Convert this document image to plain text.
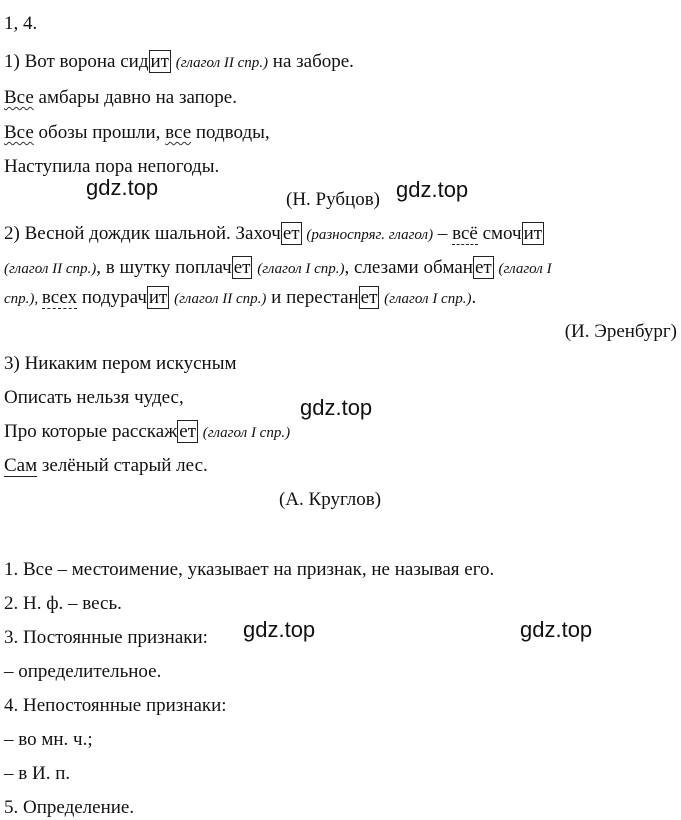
1, 4.
1) Вот ворона сид ит (глагол II спр.) на заборе.
Все амбары давно на запоре.
Все обозы прошли, все подводы,
Наступила пора непогоды.
(Н. Рубцов)
2) Весной дождик шальной. Захоч ет (разноспряг. глагол) – всё смоч ит
(глагол II спр.), в шутку поплач ет (глагол I спр.), слезами обман ет (глагол I
спр.), всех подурач ит (глагол II спр.) и перестан ет (глагол I спр.).
(И. Эренбург)
3) Никаким пером искусным
Описать нельзя чудес,
Про которые расскаж ет (глагол I спр.)
Сам зелёный старый лес.
(А. Круглов)
1. Все – местоимение, указывает на признак, не называя его.
2. Н. ф. – весь.
3. Постоянные признаки:
– определительное.
4. Непостоянные признаки:
– во мн. ч.;
– в И. п.
5. Определение.
gdz.top	gdz.top
gdz.top
gdz.top	gdz.top
